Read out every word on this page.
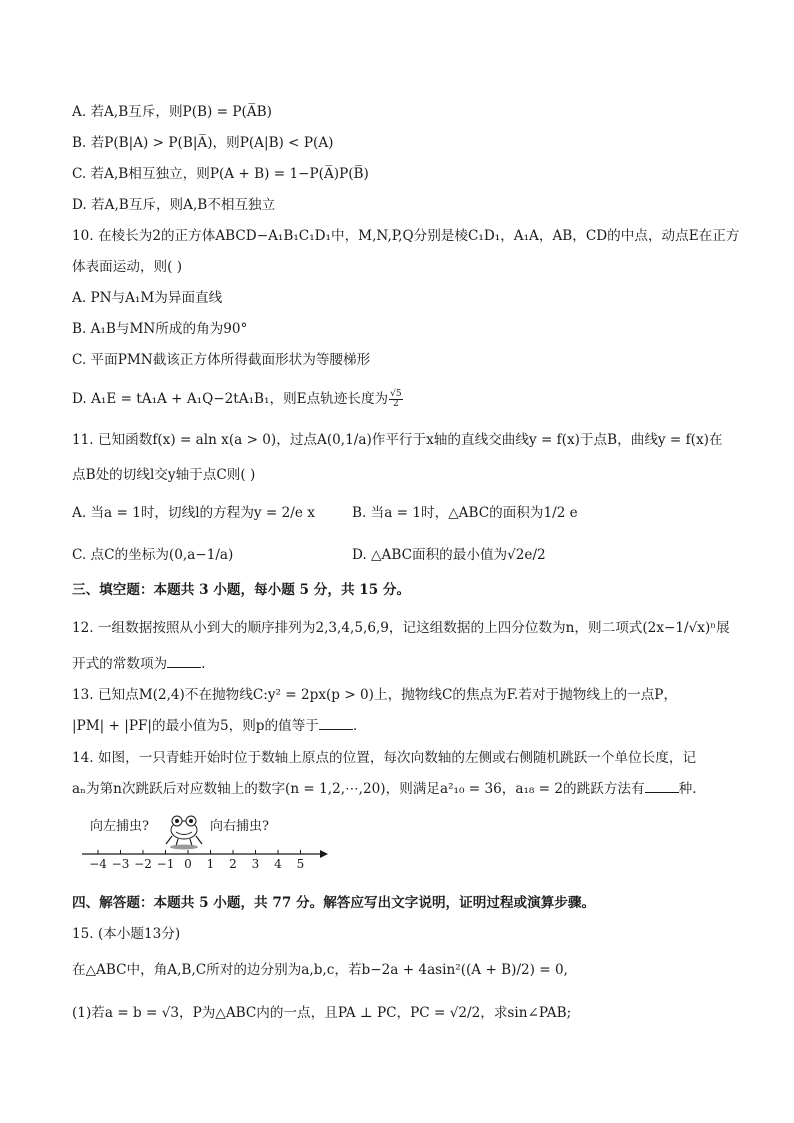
A. 若A,B互斥，则P(B) = P(A̅B)
B. 若P(B|A) > P(B|A̅)，则P(A|B) < P(A)
C. 若A,B相互独立，则P(A + B) = 1−P(A̅)P(B̅)
D. 若A,B互斥，则A,B不相互独立
10. 在棱长为2的正方体ABCD−A₁B₁C₁D₁中，M,N,P,Q分别是棱C₁D₁，A₁A，AB，CD的中点，动点E在正方
体表面运动，则( )
A. PN与A₁M为异面直线
B. A₁B与MN所成的角为90°
C. 平面PMN截该正方体所得截面形状为等腰梯形
D. A₁E = tA₁A + A₁Q−2tA₁B₁，则E点轨迹长度为 $\frac{√5}{2}$
11. 已知函数f(x) = aln x(a > 0)，过点A(0,1/a)作平行于x轴的直线交曲线y = f(x)于点B，曲线y = f(x)在
点B处的切线l交y轴于点C则( )
A. 当a = 1时，切线l的方程为y = 2/e x	B. 当a = 1时，△ABC的面积为1/2 e
C. 点C的坐标为(0,a−1/a)	D. △ABC面积的最小值为√2e/2
三、填空题：本题共 3 小题，每小题 5 分，共 15 分。
12. 一组数据按照从小到大的顺序排列为2,3,4,5,6,9，记这组数据的上四分位数为n，则二项式(2x−1/√x)ⁿ展
开式的常数项为	.
13. 已知点M(2,4)不在抛物线C:y² = 2px(p > 0)上，抛物线C的焦点为F.若对于抛物线上的一点P，
|PM| + |PF|的最小值为5，则p的值等于	.
14. 如图，一只青蛙开始时位于数轴上原点的位置，每次向数轴的左侧或右侧随机跳跃一个单位长度，记
aₙ为第n次跳跃后对应数轴上的数字(n = 1,2,⋯,20)，则满足a²₁₀ = 36，a₁₈ = 2的跳跃方法有	种.
向左捕虫?	向右捕虫?
−4 −3 −2 −1 0 1 2 3 4 5
四、解答题：本题共 5 小题，共 77 分。解答应写出文字说明，证明过程或演算步骤。
15. (本小题13分)
在△ABC中，角A,B,C所对的边分别为a,b,c，若b−2a + 4asin²((A + B)/2) = 0,
(1)若a = b = √3，P为△ABC内的一点，且PA ⊥ PC，PC = √2/2，求sin∠PAB;
